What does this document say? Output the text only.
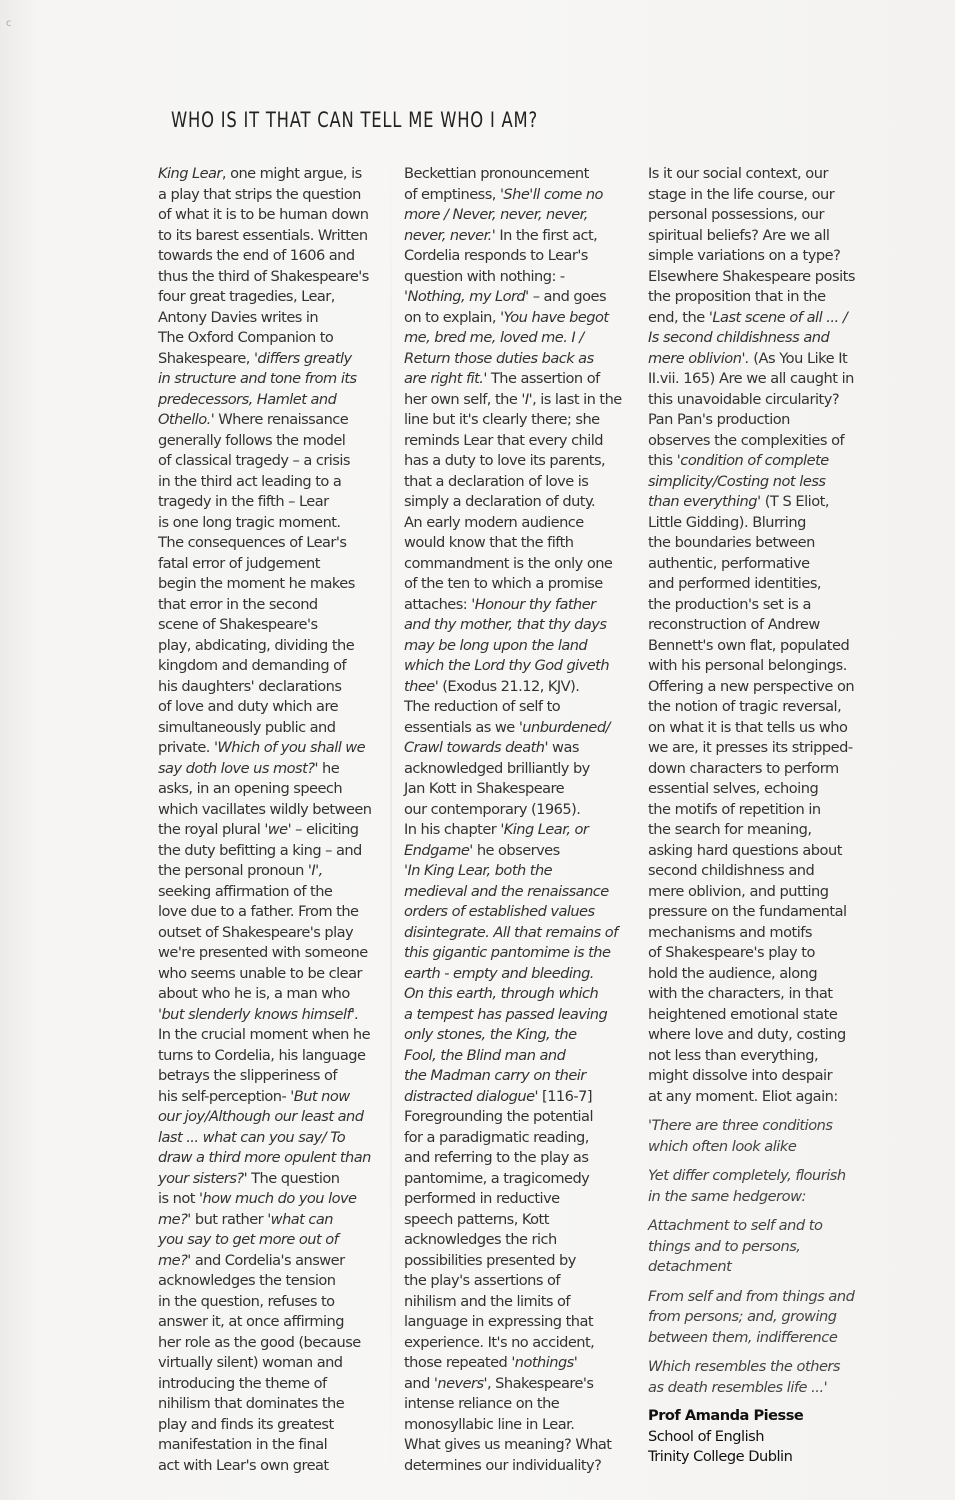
c
WHO IS IT THAT CAN TELL ME WHO I AM?

King Lear, one might argue, is
a play that strips the question
of what it is to be human down
to its barest essentials. Written
towards the end of 1606 and
thus the third of Shakespeare's
four great tragedies, Lear,
Antony Davies writes in
The Oxford Companion to
Shakespeare, 'differs greatly
in structure and tone from its
predecessors, Hamlet and
Othello.' Where renaissance
generally follows the model
of classical tragedy – a crisis
in the third act leading to a
tragedy in the fifth – Lear
is one long tragic moment.
The consequences of Lear's
fatal error of judgement
begin the moment he makes
that error in the second
scene of Shakespeare's
play, abdicating, dividing the
kingdom and demanding of
his daughters' declarations
of love and duty which are
simultaneously public and
private. 'Which of you shall we
say doth love us most?' he
asks, in an opening speech
which vacillates wildly between
the royal plural 'we' – eliciting
the duty befitting a king – and
the personal pronoun 'I',
seeking affirmation of the
love due to a father. From the
outset of Shakespeare's play
we're presented with someone
who seems unable to be clear
about who he is, a man who
'but slenderly knows himself'.
In the crucial moment when he
turns to Cordelia, his language
betrays the slipperiness of
his self-perception- 'But now
our joy/Although our least and
last ... what can you say/ To
draw a third more opulent than
your sisters?' The question
is not 'how much do you love
me?' but rather 'what can
you say to get more out of
me?' and Cordelia's answer
acknowledges the tension
in the question, refuses to
answer it, at once affirming
her role as the good (because
virtually silent) woman and
introducing the theme of
nihilism that dominates the
play and finds its greatest
manifestation in the final
act with Lear's own great

Beckettian pronouncement
of emptiness, 'She'll come no
more / Never, never, never,
never, never.' In the first act,
Cordelia responds to Lear's
question with nothing: -
'Nothing, my Lord' – and goes
on to explain, 'You have begot
me, bred me, loved me. I /
Return those duties back as
are right fit.' The assertion of
her own self, the 'I', is last in the
line but it's clearly there; she
reminds Lear that every child
has a duty to love its parents,
that a declaration of love is
simply a declaration of duty.
An early modern audience
would know that the fifth
commandment is the only one
of the ten to which a promise
attaches: 'Honour thy father
and thy mother, that thy days
may be long upon the land
which the Lord thy God giveth
thee' (Exodus 21.12, KJV).
The reduction of self to
essentials as we 'unburdened/
Crawl towards death' was
acknowledged brilliantly by
Jan Kott in Shakespeare
our contemporary (1965).
In his chapter 'King Lear, or
Endgame' he observes
'In King Lear, both the
medieval and the renaissance
orders of established values
disintegrate. All that remains of
this gigantic pantomime is the
earth - empty and bleeding.
On this earth, through which
a tempest has passed leaving
only stones, the King, the
Fool, the Blind man and
the Madman carry on their
distracted dialogue' [116-7]
Foregrounding the potential
for a paradigmatic reading,
and referring to the play as
pantomime, a tragicomedy
performed in reductive
speech patterns, Kott
acknowledges the rich
possibilities presented by
the play's assertions of
nihilism and the limits of
language in expressing that
experience. It's no accident,
those repeated 'nothings'
and 'nevers', Shakespeare's
intense reliance on the
monosyllabic line in Lear.
What gives us meaning? What
determines our individuality?

Is it our social context, our
stage in the life course, our
personal possessions, our
spiritual beliefs? Are we all
simple variations on a type?
Elsewhere Shakespeare posits
the proposition that in the
end, the 'Last scene of all ... /
Is second childishness and
mere oblivion'. (As You Like It
II.vii. 165) Are we all caught in
this unavoidable circularity?
Pan Pan's production
observes the complexities of
this 'condition of complete
simplicity/Costing not less
than everything' (T S Eliot,
Little Gidding). Blurring
the boundaries between
authentic, performative
and performed identities,
the production's set is a
reconstruction of Andrew
Bennett's own flat, populated
with his personal belongings.
Offering a new perspective on
the notion of tragic reversal,
on what it is that tells us who
we are, it presses its stripped-
down characters to perform
essential selves, echoing
the motifs of repetition in
the search for meaning,
asking hard questions about
second childishness and
mere oblivion, and putting
pressure on the fundamental
mechanisms and motifs
of Shakespeare's play to
hold the audience, along
with the characters, in that
heightened emotional state
where love and duty, costing
not less than everything,
might dissolve into despair
at any moment. Eliot again:

'There are three conditions
which often look alike

Yet differ completely, flourish
in the same hedgerow:

Attachment to self and to
things and to persons,
detachment

From self and from things and
from persons; and, growing
between them, indifference

Which resembles the others
as death resembles life ...'

Prof Amanda Piesse
School of English
Trinity College Dublin
